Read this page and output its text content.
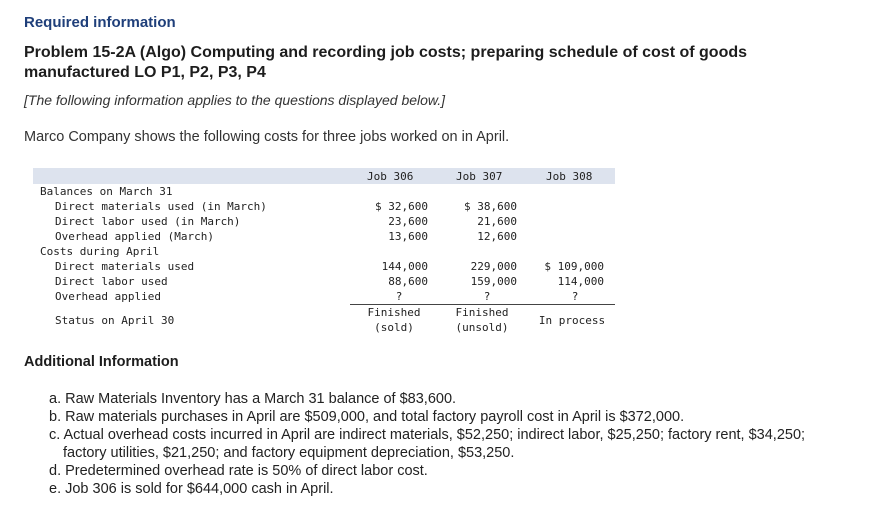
Required information
Problem 15-2A (Algo) Computing and recording job costs; preparing schedule of cost of goods manufactured LO P1, P2, P3, P4
[The following information applies to the questions displayed below.]
Marco Company shows the following costs for three jobs worked on in April.
Job 306	Job 307	Job 308
Balances on March 31
Direct materials used (in March)
Direct labor used (in March)
Overhead applied (March)
Costs during April
Direct materials used
Direct labor used
Overhead applied
Status on April 30
$ 32,600
23,600
13,600
144,000
88,600
?
$ 38,600
21,600
12,600
229,000
159,000
?
$ 109,000
114,000
?
Finished
(sold)
Finished
(unsold)
In process
Additional Information
a. Raw Materials Inventory has a March 31 balance of $83,600.
b. Raw materials purchases in April are $509,000, and total factory payroll cost in April is $372,000.
c. Actual overhead costs incurred in April are indirect materials, $52,250; indirect labor, $25,250; factory rent, $34,250; factory utilities, $21,250; and factory equipment depreciation, $53,250.
d. Predetermined overhead rate is 50% of direct labor cost.
e. Job 306 is sold for $644,000 cash in April.
